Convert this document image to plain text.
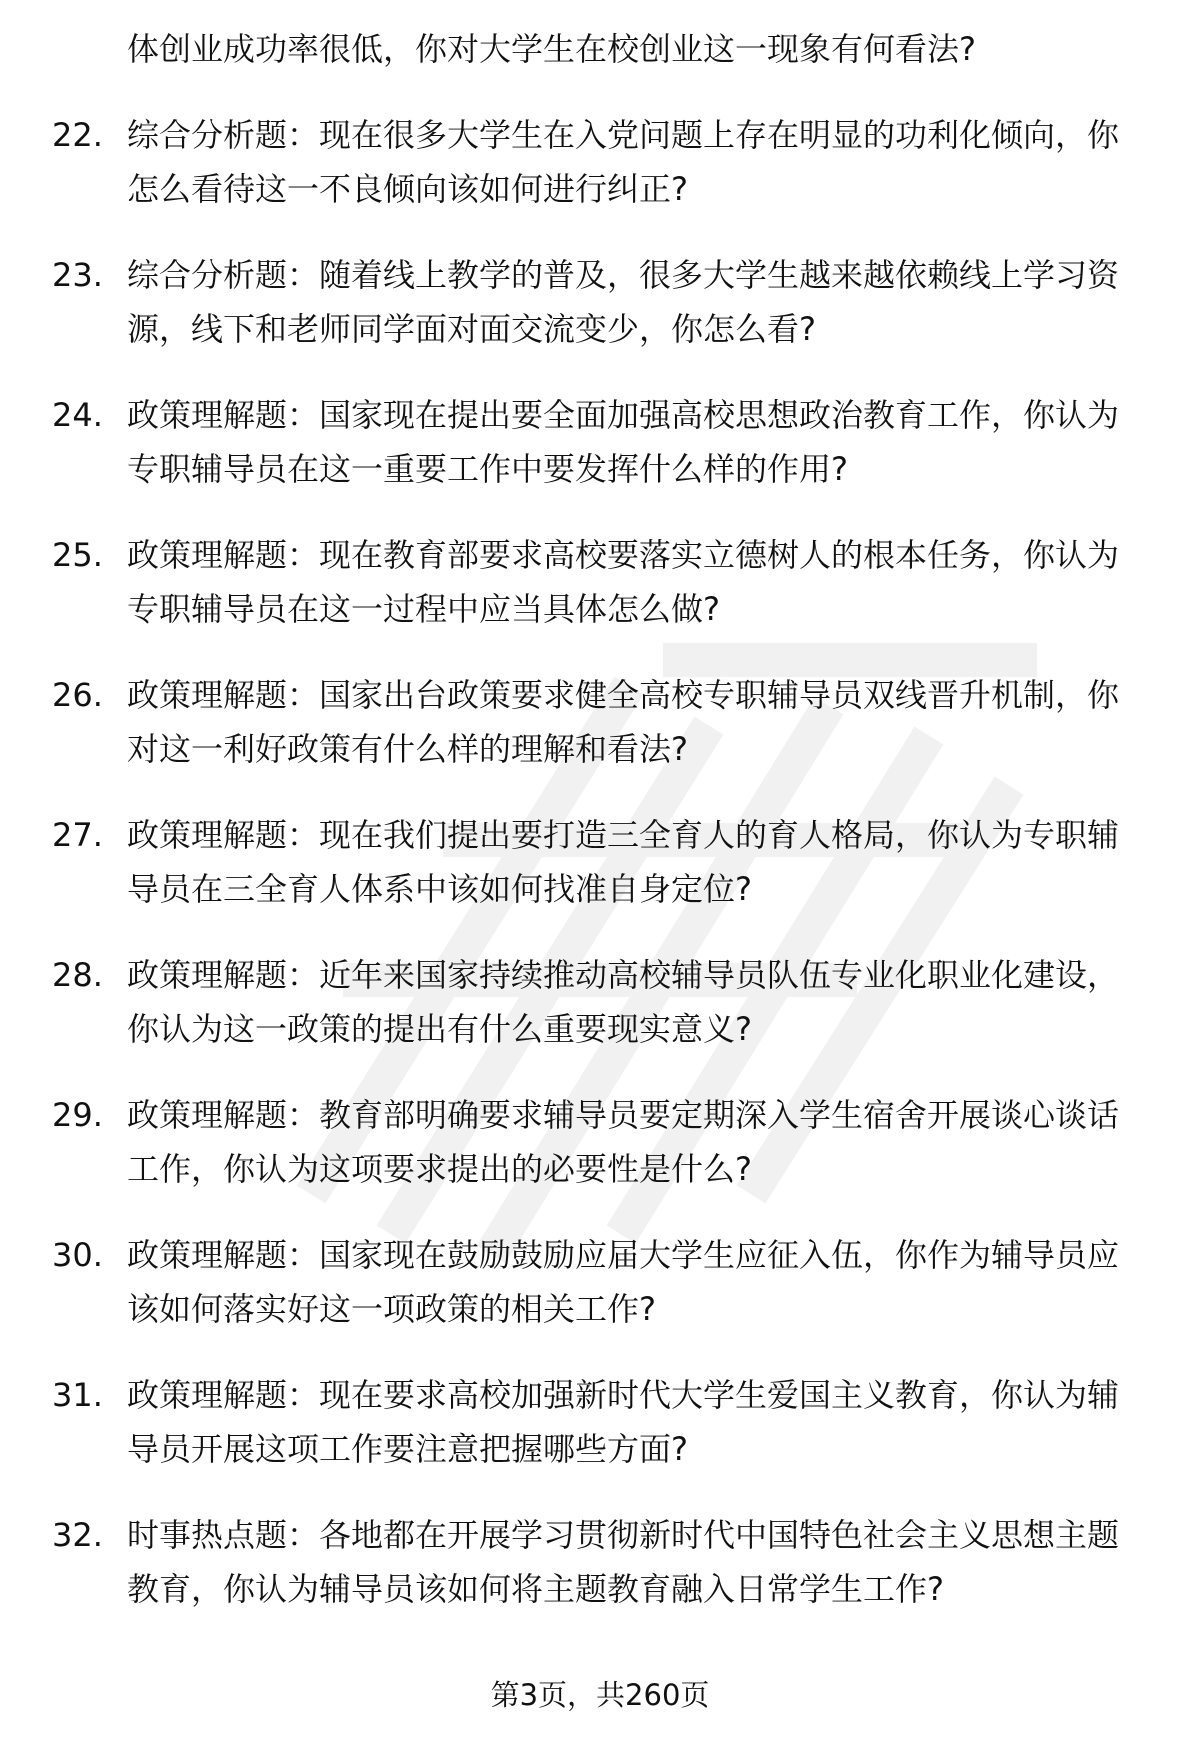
体创业成功率很低，你对大学生在校创业这一现象有何看法?
22. 综合分析题：现在很多大学生在入党问题上存在明显的功利化倾向，你怎么看待这一不良倾向该如何进行纠正?
23. 综合分析题：随着线上教学的普及，很多大学生越来越依赖线上学习资源，线下和老师同学面对面交流变少，你怎么看?
24. 政策理解题：国家现在提出要全面加强高校思想政治教育工作，你认为专职辅导员在这一重要工作中要发挥什么样的作用?
25. 政策理解题：现在教育部要求高校要落实立德树人的根本任务，你认为专职辅导员在这一过程中应当具体怎么做?
26. 政策理解题：国家出台政策要求健全高校专职辅导员双线晋升机制，你对这一利好政策有什么样的理解和看法?
27. 政策理解题：现在我们提出要打造三全育人的育人格局，你认为专职辅导员在三全育人体系中该如何找准自身定位?
28. 政策理解题：近年来国家持续推动高校辅导员队伍专业化职业化建设，你认为这一政策的提出有什么重要现实意义?
29. 政策理解题：教育部明确要求辅导员要定期深入学生宿舍开展谈心谈话工作，你认为这项要求提出的必要性是什么?
30. 政策理解题：国家现在鼓励鼓励应届大学生应征入伍，你作为辅导员应该如何落实好这一项政策的相关工作?
31. 政策理解题：现在要求高校加强新时代大学生爱国主义教育，你认为辅导员开展这项工作要注意把握哪些方面?
32. 时事热点题：各地都在开展学习贯彻新时代中国特色社会主义思想主题教育，你认为辅导员该如何将主题教育融入日常学生工作?
第3页，共260页
